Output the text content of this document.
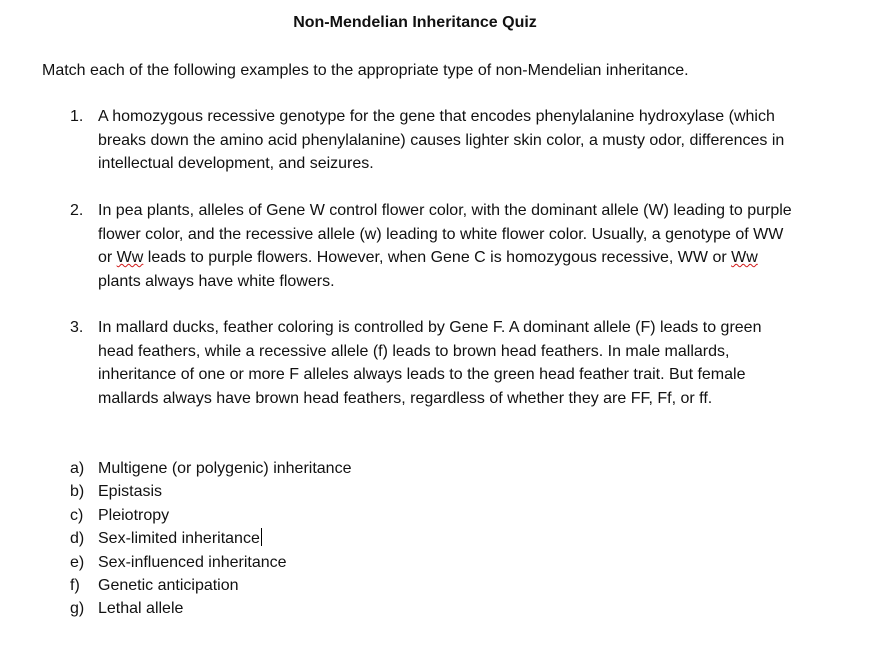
Non-Mendelian Inheritance Quiz
Match each of the following examples to the appropriate type of non-Mendelian inheritance.
1. A homozygous recessive genotype for the gene that encodes phenylalanine hydroxylase (which breaks down the amino acid phenylalanine) causes lighter skin color, a musty odor, differences in intellectual development, and seizures.
2. In pea plants, alleles of Gene W control flower color, with the dominant allele (W) leading to purple flower color, and the recessive allele (w) leading to white flower color. Usually, a genotype of WW or Ww leads to purple flowers. However, when Gene C is homozygous recessive, WW or Ww plants always have white flowers.
3. In mallard ducks, feather coloring is controlled by Gene F. A dominant allele (F) leads to green head feathers, while a recessive allele (f) leads to brown head feathers. In male mallards, inheritance of one or more F alleles always leads to the green head feather trait. But female mallards always have brown head feathers, regardless of whether they are FF, Ff, or ff.
a) Multigene (or polygenic) inheritance
b) Epistasis
c) Pleiotropy
d) Sex-limited inheritance
e) Sex-influenced inheritance
f) Genetic anticipation
g) Lethal allele
